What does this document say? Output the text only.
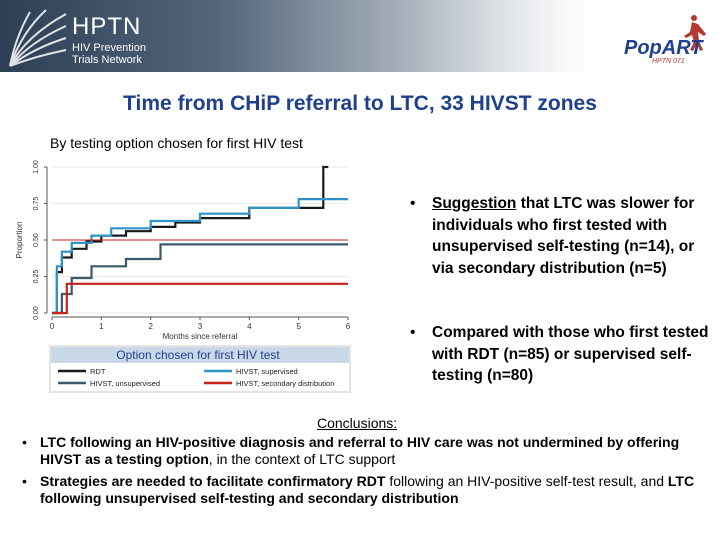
HPTN
HIV Prevention
Trials Network
PopART
HPTN 071
Time from CHiP referral to LTC, 33 HIVST zones
By testing option chosen for first HIV test
0.00
0.25
0.50
0.75
1.00
0	1	2	3	4	5	6
Proportion
Months since referral
Option chosen for first HIV test
RDT	HIVST, supervised
HIVST, unsupervised	HIVST, secondary distribution
• Suggestion that LTC was slower for individuals who first tested with unsupervised self-testing (n=14), or via secondary distribution (n=5)
• Compared with those who first tested with RDT (n=85) or supervised self-testing (n=80)
Conclusions:
• LTC following an HIV-positive diagnosis and referral to HIV care was not undermined by offering HIVST as a testing option, in the context of LTC support
• Strategies are needed to facilitate confirmatory RDT following an HIV-positive self-test result, and LTC following unsupervised self-testing and secondary distribution
